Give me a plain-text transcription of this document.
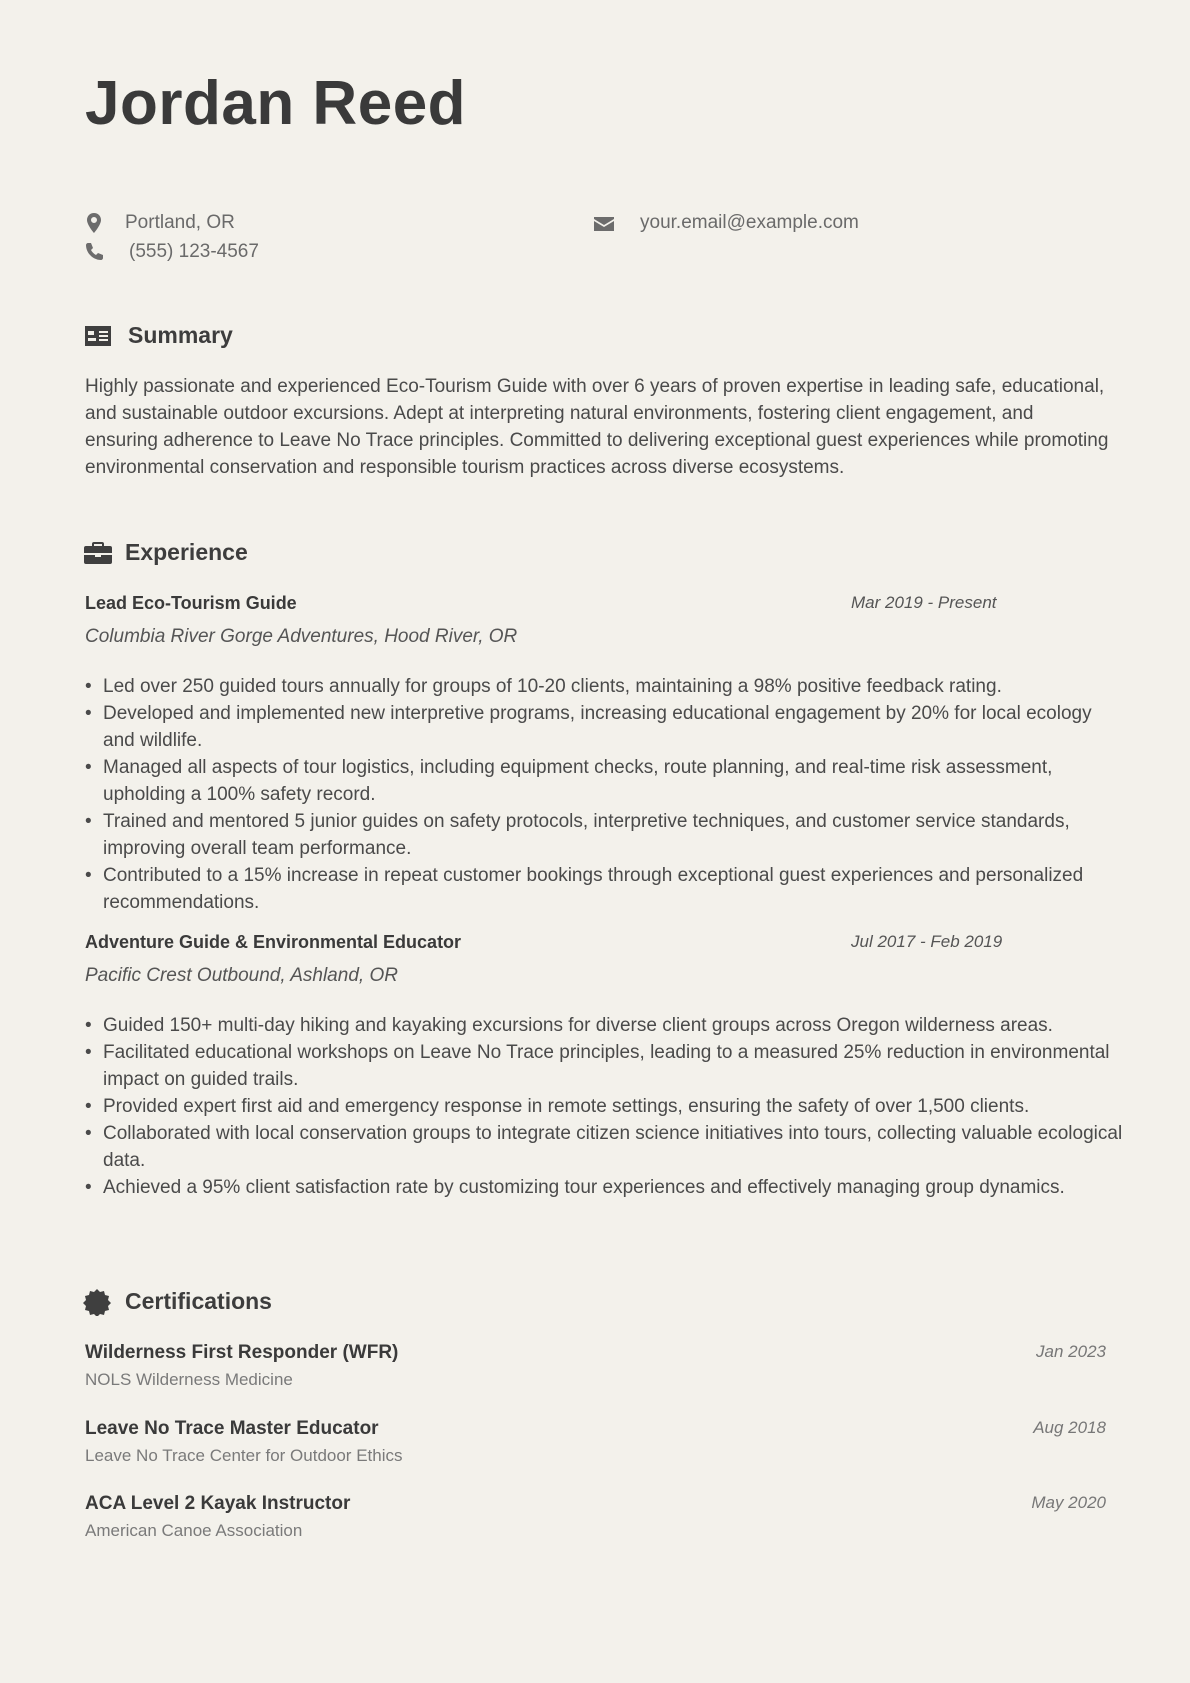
Jordan Reed
Portland, OR
(555) 123-4567
your.email@example.com
Summary
Highly passionate and experienced Eco-Tourism Guide with over 6 years of proven expertise in leading safe, educational, and sustainable outdoor excursions. Adept at interpreting natural environments, fostering client engagement, and ensuring adherence to Leave No Trace principles. Committed to delivering exceptional guest experiences while promoting environmental conservation and responsible tourism practices across diverse ecosystems.
Experience
Lead Eco-Tourism Guide	Mar 2019 - Present
Columbia River Gorge Adventures, Hood River, OR
• Led over 250 guided tours annually for groups of 10-20 clients, maintaining a 98% positive feedback rating.
• Developed and implemented new interpretive programs, increasing educational engagement by 20% for local ecology and wildlife.
• Managed all aspects of tour logistics, including equipment checks, route planning, and real-time risk assessment, upholding a 100% safety record.
• Trained and mentored 5 junior guides on safety protocols, interpretive techniques, and customer service standards, improving overall team performance.
• Contributed to a 15% increase in repeat customer bookings through exceptional guest experiences and personalized recommendations.
Adventure Guide & Environmental Educator	Jul 2017 - Feb 2019
Pacific Crest Outbound, Ashland, OR
• Guided 150+ multi-day hiking and kayaking excursions for diverse client groups across Oregon wilderness areas.
• Facilitated educational workshops on Leave No Trace principles, leading to a measured 25% reduction in environmental impact on guided trails.
• Provided expert first aid and emergency response in remote settings, ensuring the safety of over 1,500 clients.
• Collaborated with local conservation groups to integrate citizen science initiatives into tours, collecting valuable ecological data.
• Achieved a 95% client satisfaction rate by customizing tour experiences and effectively managing group dynamics.
Certifications
Wilderness First Responder (WFR)
NOLS Wilderness Medicine
Jan 2023
Leave No Trace Master Educator
Leave No Trace Center for Outdoor Ethics
Aug 2018
ACA Level 2 Kayak Instructor
American Canoe Association
May 2020
